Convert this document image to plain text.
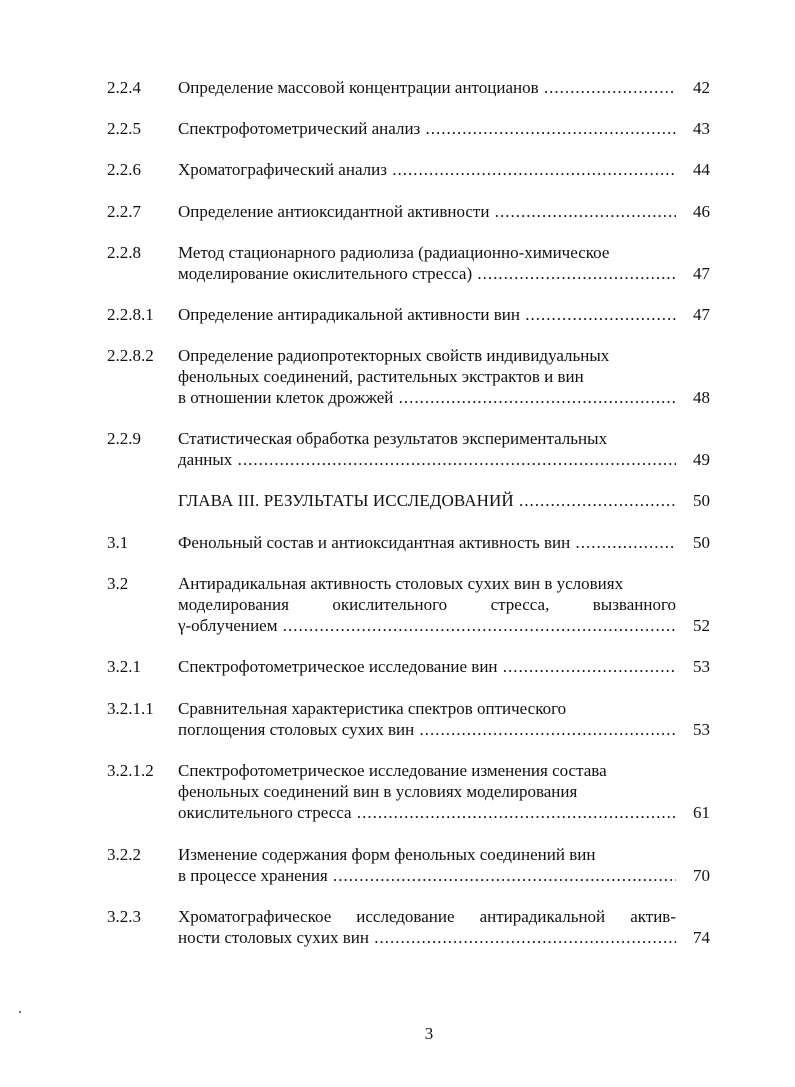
2.2.4 Определение массовой концентрации антоцианов .....	42
2.2.5 Спектрофотометрический анализ .....	43
2.2.6 Хроматографический анализ .....	44
2.2.7 Определение антиоксидантной активности .....	46
2.2.8 Метод стационарного радиолиза (радиационно-химическое
моделирование окислительного стресса) .....	47
2.2.8.1 Определение антирадикальной активности вин .....	47
2.2.8.2 Определение радиопротекторных свойств индивидуальных
фенольных соединений, растительных экстрактов и вин
в отношении клеток дрожжей .....	48
2.2.9 Статистическая обработка результатов экспериментальных
данных .....	49
ГЛАВА III. РЕЗУЛЬТАТЫ ИССЛЕДОВАНИЙ .....	50
3.1	Фенольный состав и антиоксидантная активность вин .....	50
3.2	Антирадикальная активность столовых сухих вин в условиях
моделирования окислительного стресса, вызванного
γ-облучением .....	52
3.2.1 Спектрофотометрическое исследование вин .....	53
3.2.1.1 Сравнительная характеристика спектров оптического
поглощения столовых сухих вин .....	53
3.2.1.2 Спектрофотометрическое исследование изменения состава
фенольных соединений вин в условиях моделирования
окислительного стресса .....	61
3.2.2 Изменение содержания форм фенольных соединений вин
в процессе хранения .....	70
3.2.3 Хроматографическое исследование антирадикальной актив-
ности столовых сухих вин .....	74
3
